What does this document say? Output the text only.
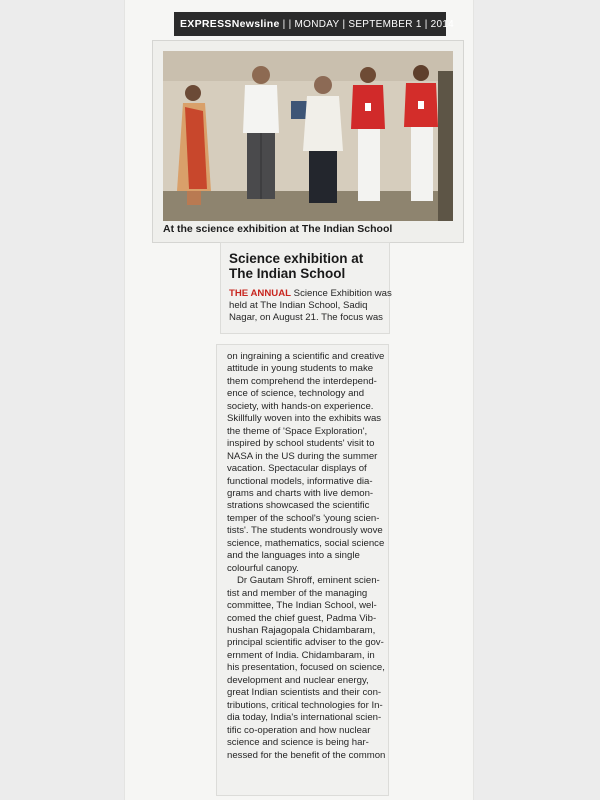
EXPRESSNewsline | | MONDAY | SEPTEMBER 1 | 2014
At the science exhibition at The Indian School
Science exhibition at
The Indian School
THE ANNUAL Science Exhibition was
held at The Indian School, Sadiq
Nagar, on August 21. The focus was
on ingraining a scientific and creative
attitude in young students to make
them comprehend the interdepend-
ence of science, technology and
society, with hands-on experience.
Skillfully woven into the exhibits was
the theme of 'Space Exploration',
inspired by school students' visit to
NASA in the US during the summer
vacation. Spectacular displays of
functional models, informative dia-
grams and charts with live demon-
strations showcased the scientific
temper of the school's 'young scien-
tists'. The students wondrously wove
science, mathematics, social science
and the languages into a single
colourful canopy.
Dr Gautam Shroff, eminent scien-
tist and member of the managing
committee, The Indian School, wel-
comed the chief guest, Padma Vib-
hushan Rajagopala Chidambaram,
principal scientific adviser to the gov-
ernment of India. Chidambaram, in
his presentation, focused on science,
development and nuclear energy,
great Indian scientists and their con-
tributions, critical technologies for In-
dia today, India's international scien-
tific co-operation and how nuclear
science and science is being har-
nessed for the benefit of the common
